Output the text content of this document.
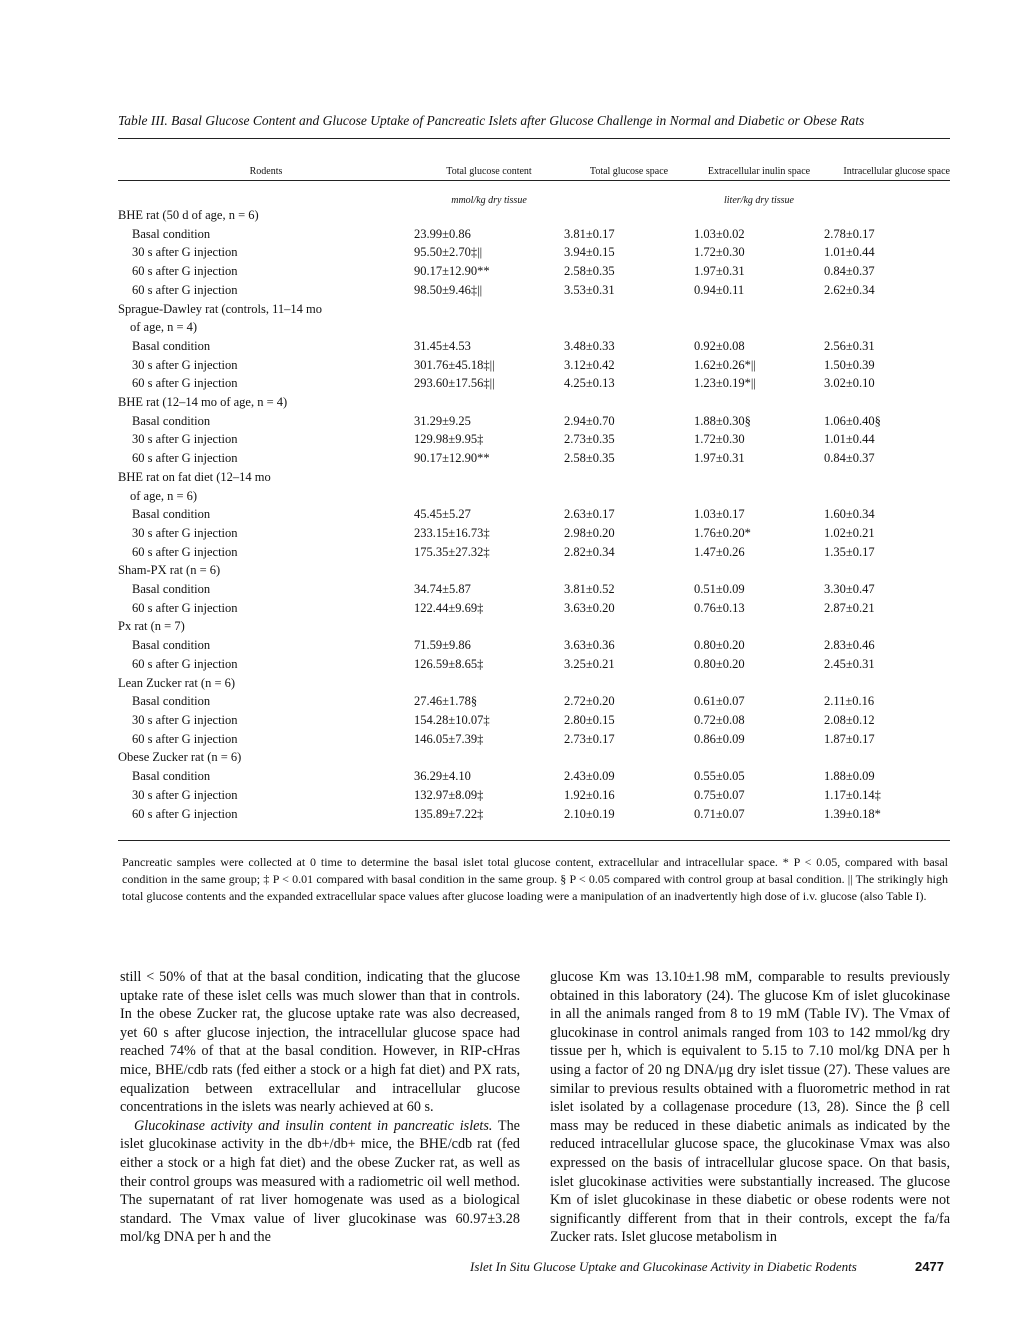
Table III. Basal Glucose Content and Glucose Uptake of Pancreatic Islets after Glucose Challenge in Normal and Diabetic or Obese Rats
Rodents	Total glucose content	Total glucose space	Extracellular inulin space	Intracellular glucose space
	mmol/kg dry tissue		liter/kg dry tissue	
BHE rat (50 d of age, n = 6)				
Basal condition	23.99±0.86	3.81±0.17	1.03±0.02	2.78±0.17
30 s after G injection	95.50±2.70‡||	3.94±0.15	1.72±0.30	1.01±0.44
60 s after G injection	90.17±12.90**	2.58±0.35	1.97±0.31	0.84±0.37
60 s after G injection	98.50±9.46‡||	3.53±0.31	0.94±0.11	2.62±0.34
Sprague-Dawley rat (controls, 11–14 mo				
of age, n = 4)				
Basal condition	31.45±4.53	3.48±0.33	0.92±0.08	2.56±0.31
30 s after G injection	301.76±45.18‡||	3.12±0.42	1.62±0.26*||	1.50±0.39
60 s after G injection	293.60±17.56‡||	4.25±0.13	1.23±0.19*||	3.02±0.10
BHE rat (12–14 mo of age, n = 4)				
Basal condition	31.29±9.25	2.94±0.70	1.88±0.30§	1.06±0.40§
30 s after G injection	129.98±9.95‡	2.73±0.35	1.72±0.30	1.01±0.44
60 s after G injection	90.17±12.90**	2.58±0.35	1.97±0.31	0.84±0.37
BHE rat on fat diet (12–14 mo				
of age, n = 6)				
Basal condition	45.45±5.27	2.63±0.17	1.03±0.17	1.60±0.34
30 s after G injection	233.15±16.73‡	2.98±0.20	1.76±0.20*	1.02±0.21
60 s after G injection	175.35±27.32‡	2.82±0.34	1.47±0.26	1.35±0.17
Sham-PX rat (n = 6)				
Basal condition	34.74±5.87	3.81±0.52	0.51±0.09	3.30±0.47
60 s after G injection	122.44±9.69‡	3.63±0.20	0.76±0.13	2.87±0.21
Px rat (n = 7)				
Basal condition	71.59±9.86	3.63±0.36	0.80±0.20	2.83±0.46
60 s after G injection	126.59±8.65‡	3.25±0.21	0.80±0.20	2.45±0.31
Lean Zucker rat (n = 6)				
Basal condition	27.46±1.78§	2.72±0.20	0.61±0.07	2.11±0.16
30 s after G injection	154.28±10.07‡	2.80±0.15	0.72±0.08	2.08±0.12
60 s after G injection	146.05±7.39‡	2.73±0.17	0.86±0.09	1.87±0.17
Obese Zucker rat (n = 6)				
Basal condition	36.29±4.10	2.43±0.09	0.55±0.05	1.88±0.09
30 s after G injection	132.97±8.09‡	1.92±0.16	0.75±0.07	1.17±0.14‡
60 s after G injection	135.89±7.22‡	2.10±0.19	0.71±0.07	1.39±0.18*
Pancreatic samples were collected at 0 time to determine the basal islet total glucose content, extracellular and intracellular space. * P < 0.05, compared with basal condition in the same group; ‡ P < 0.01 compared with basal condition in the same group. § P < 0.05 compared with control group at basal condition. || The strikingly high total glucose contents and the expanded extracellular space values after glucose loading were a manipulation of an inadvertently high dose of i.v. glucose (also Table I).

still < 50% of that at the basal condition, indicating that the glucose uptake rate of these islet cells was much slower than that in controls. In the obese Zucker rat, the glucose uptake rate was also decreased, yet 60 s after glucose injection, the intracellular glucose space had reached 74% of that at the basal condition. However, in RIP-cHras mice, BHE/cdb rats (fed either a stock or a high fat diet) and PX rats, equalization between extracellular and intracellular glucose concentrations in the islets was nearly achieved at 60 s.

Glucokinase activity and insulin content in pancreatic islets. The islet glucokinase activity in the db+/db+ mice, the BHE/cdb rat (fed either a stock or a high fat diet) and the obese Zucker rat, as well as their control groups was measured with a radiometric oil well method. The supernatant of rat liver homogenate was used as a biological standard. The Vmax value of liver glucokinase was 60.97±3.28 mol/kg DNA per h and the

glucose Km was 13.10±1.98 mM, comparable to results previously obtained in this laboratory (24). The glucose Km of islet glucokinase in all the animals ranged from 8 to 19 mM (Table IV). The Vmax of glucokinase in control animals ranged from 103 to 142 mmol/kg dry tissue per h, which is equivalent to 5.15 to 7.10 mol/kg DNA per h using a factor of 20 ng DNA/μg dry islet tissue (27). These values are similar to previous results obtained with a fluorometric method in rat islet isolated by a collagenase procedure (13, 28). Since the β cell mass may be reduced in these diabetic animals as indicated by the reduced intracellular glucose space, the glucokinase Vmax was also expressed on the basis of intracellular glucose space. On that basis, islet glucokinase activities were substantially increased. The glucose Km of islet glucokinase in these diabetic or obese rodents were not significantly different from that in their controls, except the fa/fa Zucker rats. Islet glucose metabolism in

Islet In Situ Glucose Uptake and Glucokinase Activity in Diabetic Rodents	2477
